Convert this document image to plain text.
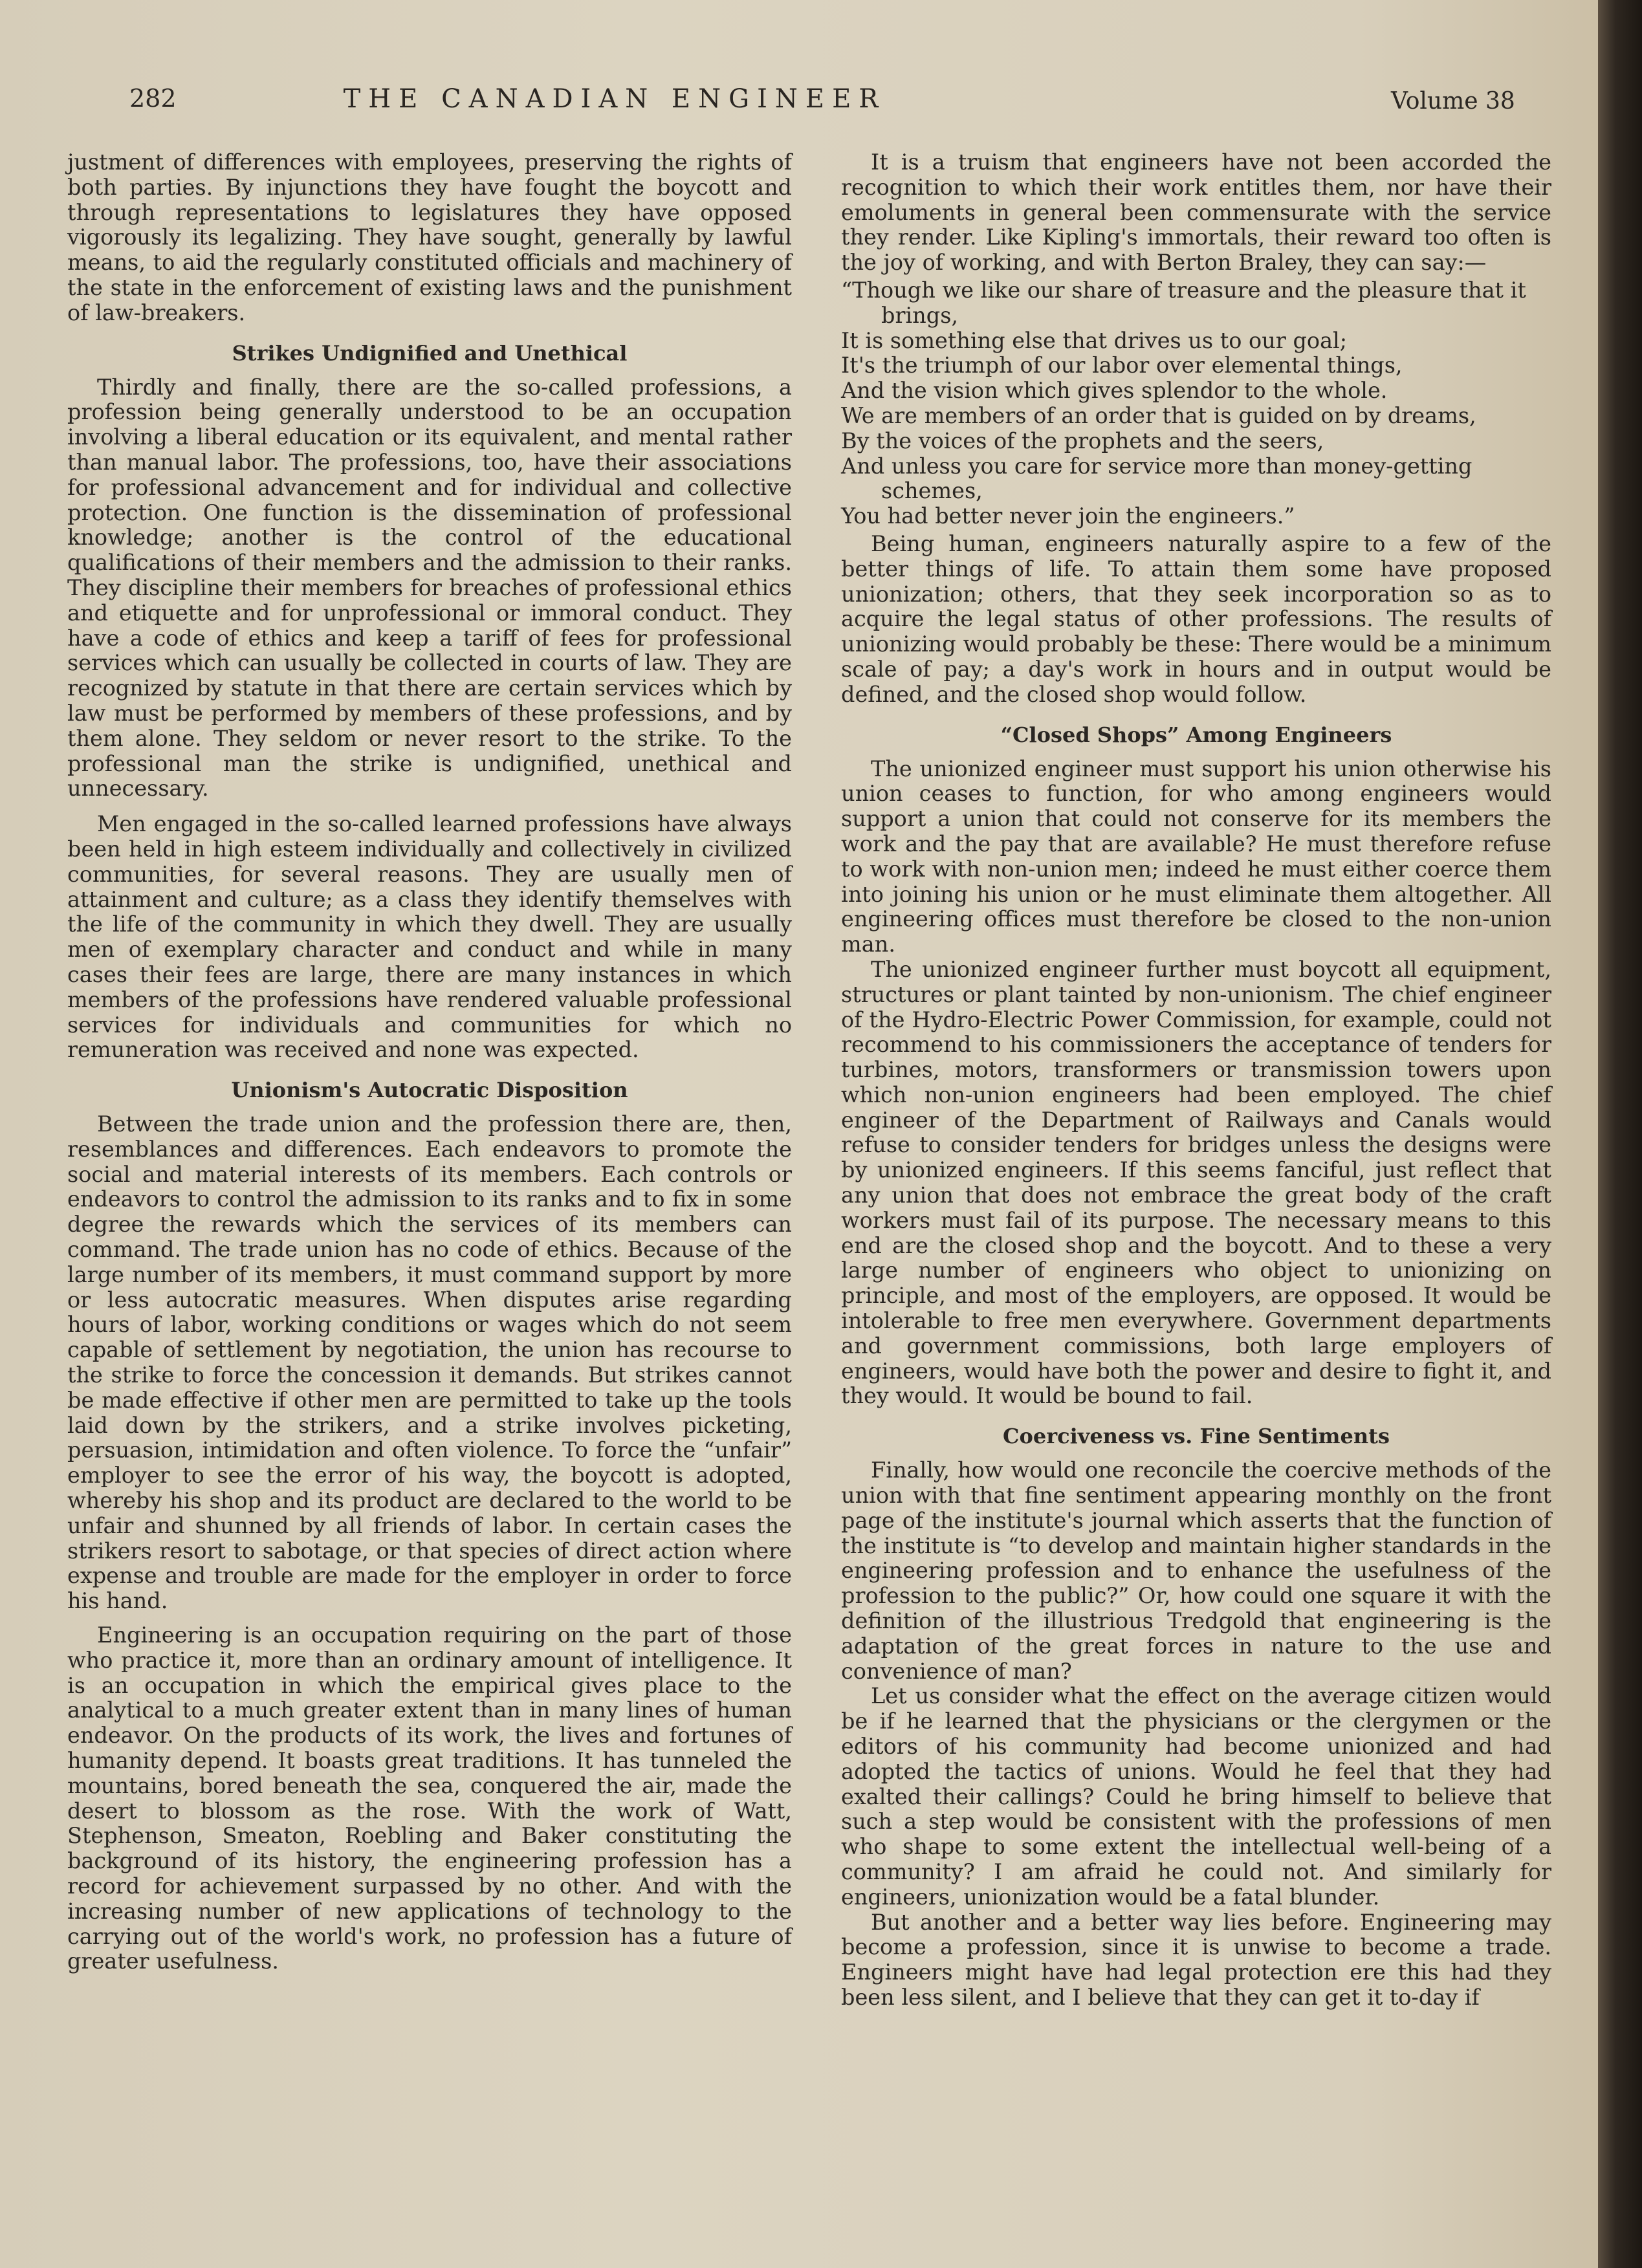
282	THE CANADIAN ENGINEER	Volume 38

justment of differences with employees, preserving the rights of both parties. By injunctions they have fought the boycott and through representations to legislatures they have opposed vigorously its legalizing. They have sought, generally by lawful means, to aid the regularly constituted officials and machinery of the state in the enforcement of existing laws and the punishment of law-breakers.

Strikes Undignified and Unethical

Thirdly and finally, there are the so-called professions, a profession being generally understood to be an occupation involving a liberal education or its equivalent, and mental rather than manual labor. The professions, too, have their associations for professional advancement and for individual and collective protection. One function is the dissemination of professional knowledge; another is the control of the educational qualifications of their members and the admission to their ranks. They discipline their members for breaches of professional ethics and etiquette and for unprofessional or immoral conduct. They have a code of ethics and keep a tariff of fees for professional services which can usually be collected in courts of law. They are recognized by statute in that there are certain services which by law must be performed by members of these professions, and by them alone. They seldom or never resort to the strike. To the professional man the strike is undignified, unethical and unnecessary.

Men engaged in the so-called learned professions have always been held in high esteem individually and collectively in civilized communities, for several reasons. They are usually men of attainment and culture; as a class they identify themselves with the life of the community in which they dwell. They are usually men of exemplary character and conduct and while in many cases their fees are large, there are many instances in which members of the professions have rendered valuable professional services for individuals and communities for which no remuneration was received and none was expected.

Unionism's Autocratic Disposition

Between the trade union and the profession there are, then, resemblances and differences. Each endeavors to promote the social and material interests of its members. Each controls or endeavors to control the admission to its ranks and to fix in some degree the rewards which the services of its members can command. The trade union has no code of ethics. Because of the large number of its members, it must command support by more or less autocratic measures. When disputes arise regarding hours of labor, working conditions or wages which do not seem capable of settlement by negotiation, the union has recourse to the strike to force the concession it demands. But strikes cannot be made effective if other men are permitted to take up the tools laid down by the strikers, and a strike involves picketing, persuasion, intimidation and often violence. To force the “unfair” employer to see the error of his way, the boycott is adopted, whereby his shop and its product are declared to the world to be unfair and shunned by all friends of labor. In certain cases the strikers resort to sabotage, or that species of direct action where expense and trouble are made for the employer in order to force his hand.

Engineering is an occupation requiring on the part of those who practice it, more than an ordinary amount of intelligence. It is an occupation in which the empirical gives place to the analytical to a much greater extent than in many lines of human endeavor. On the products of its work, the lives and fortunes of humanity depend. It boasts great traditions. It has tunneled the mountains, bored beneath the sea, conquered the air, made the desert to blossom as the rose. With the work of Watt, Stephenson, Smeaton, Roebling and Baker constituting the background of its history, the engineering profession has a record for achievement surpassed by no other. And with the increasing number of new applications of technology to the carrying out of the world's work, no profession has a future of greater usefulness.

It is a truism that engineers have not been accorded the recognition to which their work entitles them, nor have their emoluments in general been commensurate with the service they render. Like Kipling's immortals, their reward too often is the joy of working, and with Berton Braley, they can say:—

“Though we like our share of treasure and the pleasure that it brings,
It is something else that drives us to our goal;
It's the triumph of our labor over elemental things,
And the vision which gives splendor to the whole.
We are members of an order that is guided on by dreams,
By the voices of the prophets and the seers,
And unless you care for service more than money-getting schemes,
You had better never join the engineers.”

Being human, engineers naturally aspire to a few of the better things of life. To attain them some have proposed unionization; others, that they seek incorporation so as to acquire the legal status of other professions. The results of unionizing would probably be these: There would be a minimum scale of pay; a day's work in hours and in output would be defined, and the closed shop would follow.

“Closed Shops” Among Engineers

The unionized engineer must support his union otherwise his union ceases to function, for who among engineers would support a union that could not conserve for its members the work and the pay that are available? He must therefore refuse to work with non-union men; indeed he must either coerce them into joining his union or he must eliminate them altogether. All engineering offices must therefore be closed to the non-union man.

The unionized engineer further must boycott all equipment, structures or plant tainted by non-unionism. The chief engineer of the Hydro-Electric Power Commission, for example, could not recommend to his commissioners the acceptance of tenders for turbines, motors, transformers or transmission towers upon which non-union engineers had been employed. The chief engineer of the Department of Railways and Canals would refuse to consider tenders for bridges unless the designs were by unionized engineers. If this seems fanciful, just reflect that any union that does not embrace the great body of the craft workers must fail of its purpose. The necessary means to this end are the closed shop and the boycott. And to these a very large number of engineers who object to unionizing on principle, and most of the employers, are opposed. It would be intolerable to free men everywhere. Government departments and government commissions, both large employers of engineers, would have both the power and desire to fight it, and they would. It would be bound to fail.

Coerciveness vs. Fine Sentiments

Finally, how would one reconcile the coercive methods of the union with that fine sentiment appearing monthly on the front page of the institute's journal which asserts that the function of the institute is “to develop and maintain higher standards in the engineering profession and to enhance the usefulness of the profession to the public?” Or, how could one square it with the definition of the illustrious Tredgold that engineering is the adaptation of the great forces in nature to the use and convenience of man?

Let us consider what the effect on the average citizen would be if he learned that the physicians or the clergymen or the editors of his community had become unionized and had adopted the tactics of unions. Would he feel that they had exalted their callings? Could he bring himself to believe that such a step would be consistent with the professions of men who shape to some extent the intellectual well-being of a community? I am afraid he could not. And similarly for engineers, unionization would be a fatal blunder.

But another and a better way lies before. Engineering may become a profession, since it is unwise to become a trade. Engineers might have had legal protection ere this had they been less silent, and I believe that they can get it to-day if
